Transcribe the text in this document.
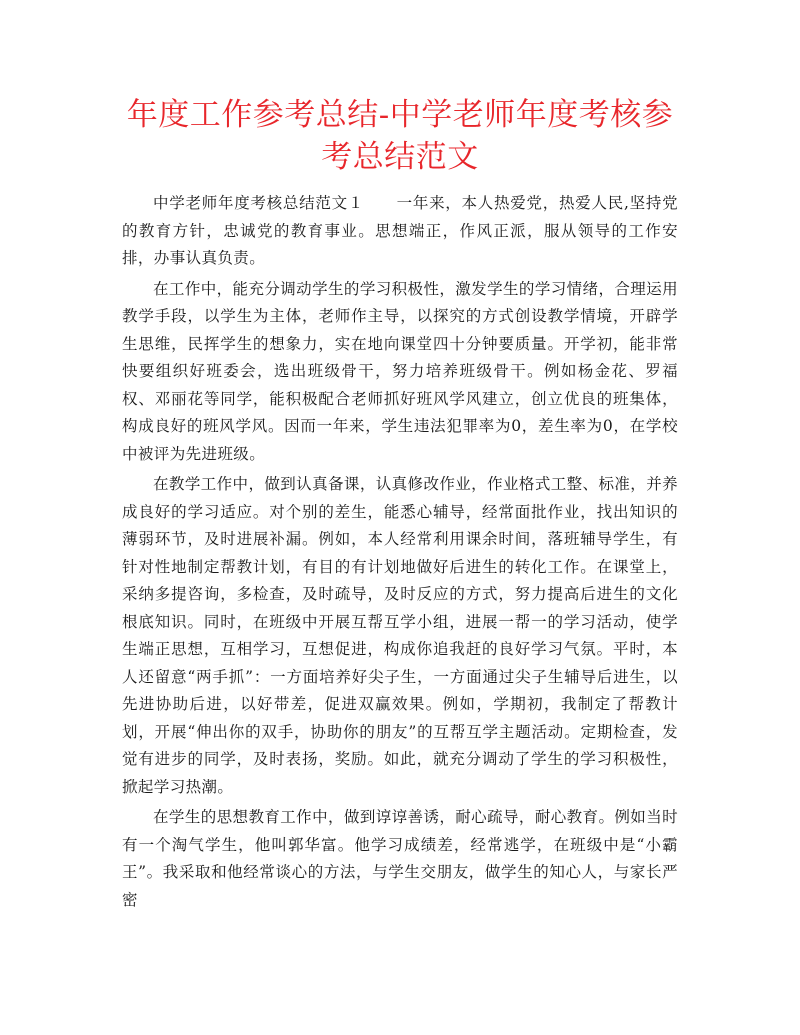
年度工作参考总结-中学老师年度考核参考总结范文

中学老师年度考核总结范文１　　一年来，本人热爱党，热爱人民,坚持党的教育方针，忠诚党的教育事业。思想端正，作风正派，服从领导的工作安排，办事认真负责。

在工作中，能充分调动学生的学习积极性，激发学生的学习情绪，合理运用教学手段，以学生为主体，老师作主导，以探究的方式创设教学情境，开辟学生思维，民挥学生的想象力，实在地向课堂四十分钟要质量。开学初，能非常快要组织好班委会，选出班级骨干，努力培养班级骨干。例如杨金花、罗福权、邓丽花等同学，能积极配合老师抓好班风学风建立，创立优良的班集体，构成良好的班风学风。因而一年来，学生违法犯罪率为0，差生率为0，在学校中被评为先进班级。

在教学工作中，做到认真备课，认真修改作业，作业格式工整、标准，并养成良好的学习适应。对个别的差生，能悉心辅导，经常面批作业，找出知识的薄弱环节，及时进展补漏。例如，本人经常利用课余时间，落班辅导学生，有针对性地制定帮教计划，有目的有计划地做好后进生的转化工作。在课堂上，采纳多提咨询，多检查，及时疏导，及时反应的方式，努力提高后进生的文化根底知识。同时，在班级中开展互帮互学小组，进展一帮一的学习活动，使学生端正思想，互相学习，互想促进，构成你追我赶的良好学习气氛。平时，本人还留意“两手抓”：一方面培养好尖子生，一方面通过尖子生辅导后进生，以先进协助后进，以好带差，促进双赢效果。例如，学期初，我制定了帮教计划，开展“伸出你的双手，协助你的朋友”的互帮互学主题活动。定期检查，发觉有进步的同学，及时表扬，奖励。如此，就充分调动了学生的学习积极性，掀起学习热潮。

在学生的思想教育工作中，做到谆谆善诱，耐心疏导，耐心教育。例如当时有一个淘气学生，他叫郭华富。他学习成绩差，经常逃学，在班级中是“小霸王”。我采取和他经常谈心的方法，与学生交朋友，做学生的知心人，与家长严密
